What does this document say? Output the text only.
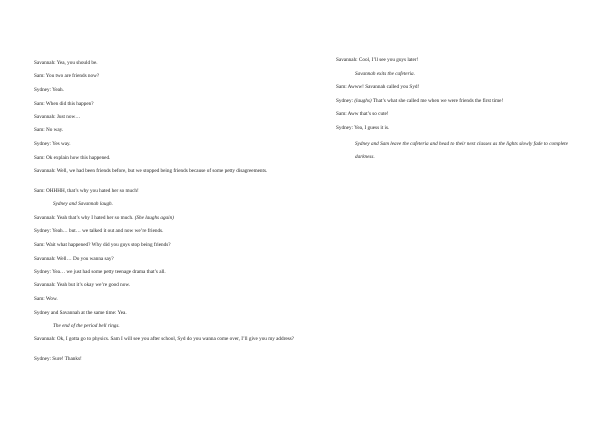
Savannah: Yea, you should be.
Sam: You two are friends now?
Sydney: Yeah.
Sam: When did this happen?
Savannah: Just now…
Sam: No way.
Sydney: Yes way.
Sam: Ok explain how this happened.
Savannah: Well, we had been friends before, but we stopped being friends because of some petty disagreements.
Sam: OHHHH, that’s why you hated her so much!
Sydney and Savannah laugh.
Savannah: Yeah that’s why I hated her so much. (She laughs again)
Sydney: Yeah… but… we talked it out and now we’re friends.
Sam: Wait what happened? Why did you guys stop being friends?
Savannah: Well… Do you wanna say?
Sydney: Yea… we just had some petty teenage drama that’s all.
Savannah: Yeah but it’s okay we’re good now.
Sam: Wow.
Sydney and Savannah at the same time: Yea.
The end of the period bell rings.
Savannah: Ok, I gotta go to physics. Sam I will see you after school, Syd do you wanna come over, I’ll give you my address?
Sydney: Sure! Thanks!
Savannah: Cool, I’ll see you guys later!
Savannah exits the cafeteria.
Sam: Awww! Savannah called you Syd!
Sydney: (laughs) That’s what she called me when we were friends the first time!
Sam: Aww that’s so cute!
Sydney: Yea, I guess it is.
Sydney and Sam leave the cafeteria and head to their next classes as the lights slowly fade to complete darkness.
